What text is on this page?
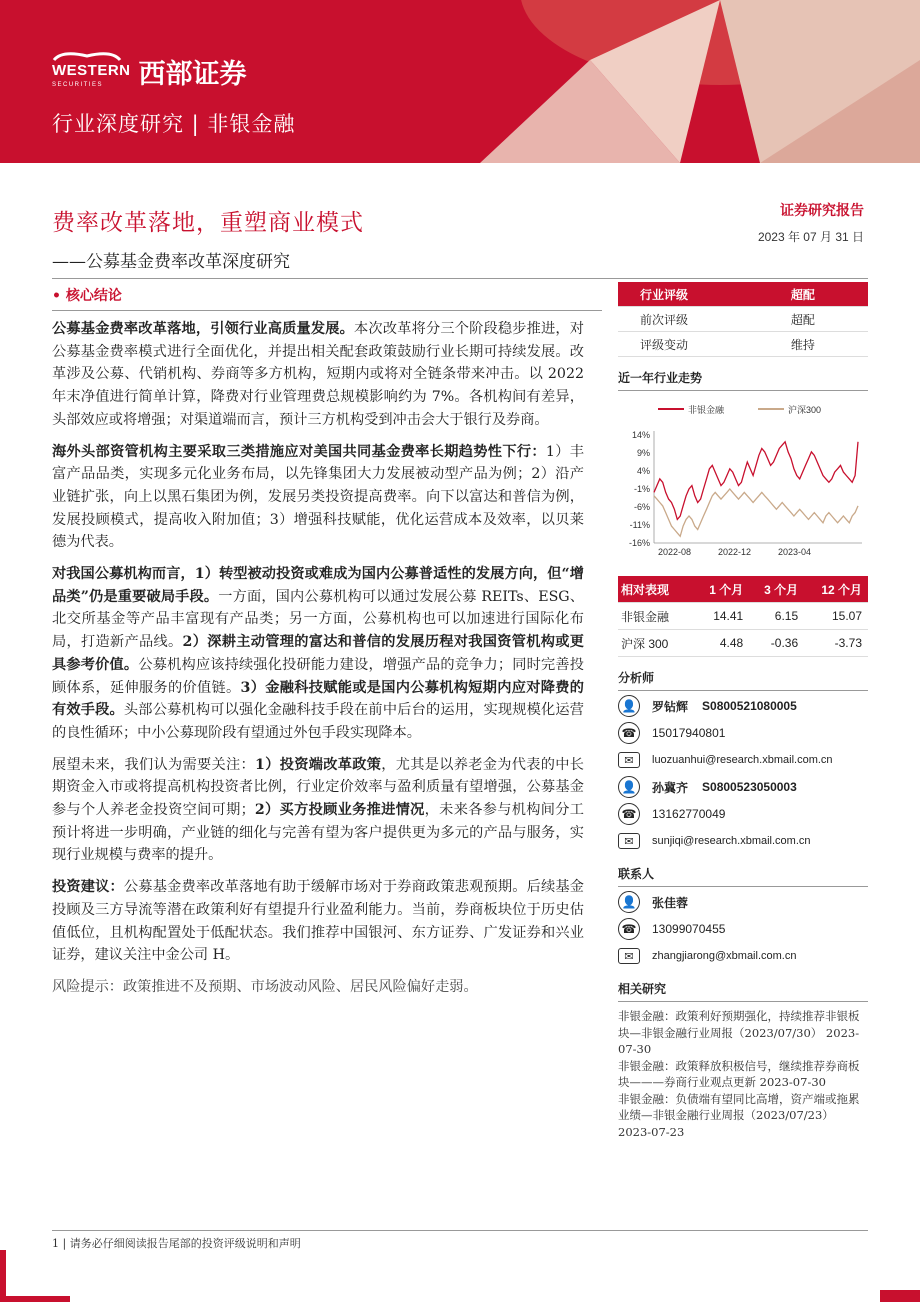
WESTERN
SECURITIES	西部证券
行业深度研究 | 非银金融
费率改革落地，重塑商业模式
——公募基金费率改革深度研究
证券研究报告
2023 年 07 月 31 日
• 核心结论

公募基金费率改革落地，引领行业高质量发展。本次改革将分三个阶段稳步推进，对公募基金费率模式进行全面优化，并提出相关配套政策鼓励行业长期可持续发展。改革涉及公募、代销机构、券商等多方机构，短期内或将对全链条带来冲击。以 2022 年末净值进行简单计算，降费对行业管理费总规模影响约为 7%。各机构间有差异，头部效应或将增强；对渠道端而言，预计三方机构受到冲击会大于银行及券商。

海外头部资管机构主要采取三类措施应对美国共同基金费率长期趋势性下行：1）丰富产品品类，实现多元化业务布局，以先锋集团大力发展被动型产品为例；2）沿产业链扩张，向上以黑石集团为例，发展另类投资提高费率。向下以富达和普信为例，发展投顾模式，提高收入附加值；3）增强科技赋能，优化运营成本及效率，以贝莱德为代表。

对我国公募机构而言，1）转型被动投资或难成为国内公募普适性的发展方向，但“增品类”仍是重要破局手段。一方面，国内公募机构可以通过发展公募 REITs、ESG、北交所基金等产品丰富现有产品类；另一方面，公募机构也可以加速进行国际化布局，打造新产品线。2）深耕主动管理的富达和普信的发展历程对我国资管机构或更具参考价值。公募机构应该持续强化投研能力建设，增强产品的竞争力；同时完善投顾体系，延伸服务的价值链。3）金融科技赋能或是国内公募机构短期内应对降费的有效手段。头部公募机构可以强化金融科技手段在前中后台的运用，实现规模化运营的良性循环；中小公募现阶段有望通过外包手段实现降本。

展望未来，我们认为需要关注：1）投资端改革政策，尤其是以养老金为代表的中长期资金入市或将提高机构投资者比例，行业定价效率与盈利质量有望增强，公募基金参与个人养老金投资空间可期；2）买方投顾业务推进情况，未来各参与机构间分工预计将进一步明确，产业链的细化与完善有望为客户提供更为多元的产品与服务，实现行业规模与费率的提升。

投资建议：公募基金费率改革落地有助于缓解市场对于券商政策悲观预期。后续基金投顾及三方导流等潜在政策利好有望提升行业盈利能力。当前，券商板块位于历史估值低位，且机构配置处于低配状态。我们推荐中国银河、东方证券、广发证券和兴业证券，建议关注中金公司 H。

风险提示：政策推进不及预期、市场波动风险、居民风险偏好走弱。

行业评级	超配
前次评级	超配
评级变动	维持
近一年行业走势
非银金融	沪深300
14%
9%
4%
-1%
-6%
-11%
-16%
2022-08	2022-12	2023-04
相对表现	1 个月	3 个月	12 个月
非银金融	14.41	6.15	15.07
沪深 300	4.48	-0.36	-3.73
分析师
👤 罗钻辉 S0800521080005
☎ 15017940801
✉	luozuanhui@research.xbmail.com.cn
👤 孙冀齐 S0800523050003
☎ 13162770049
✉	sunjiqi@research.xbmail.com.cn
联系人
👤 张佳蓉
☎ 13099070455
✉	zhangjiarong@xbmail.com.cn
相关研究
非银金融：政策利好预期强化，持续推荐非银板块—非银金融行业周报（2023/07/30） 2023-07-30
非银金融：政策释放积极信号，继续推荐券商板块———券商行业观点更新 2023-07-30
非银金融：负债端有望同比高增，资产端或拖累业绩—非银金融行业周报（2023/07/23） 2023-07-23
1 | 请务必仔细阅读报告尾部的投资评级说明和声明
